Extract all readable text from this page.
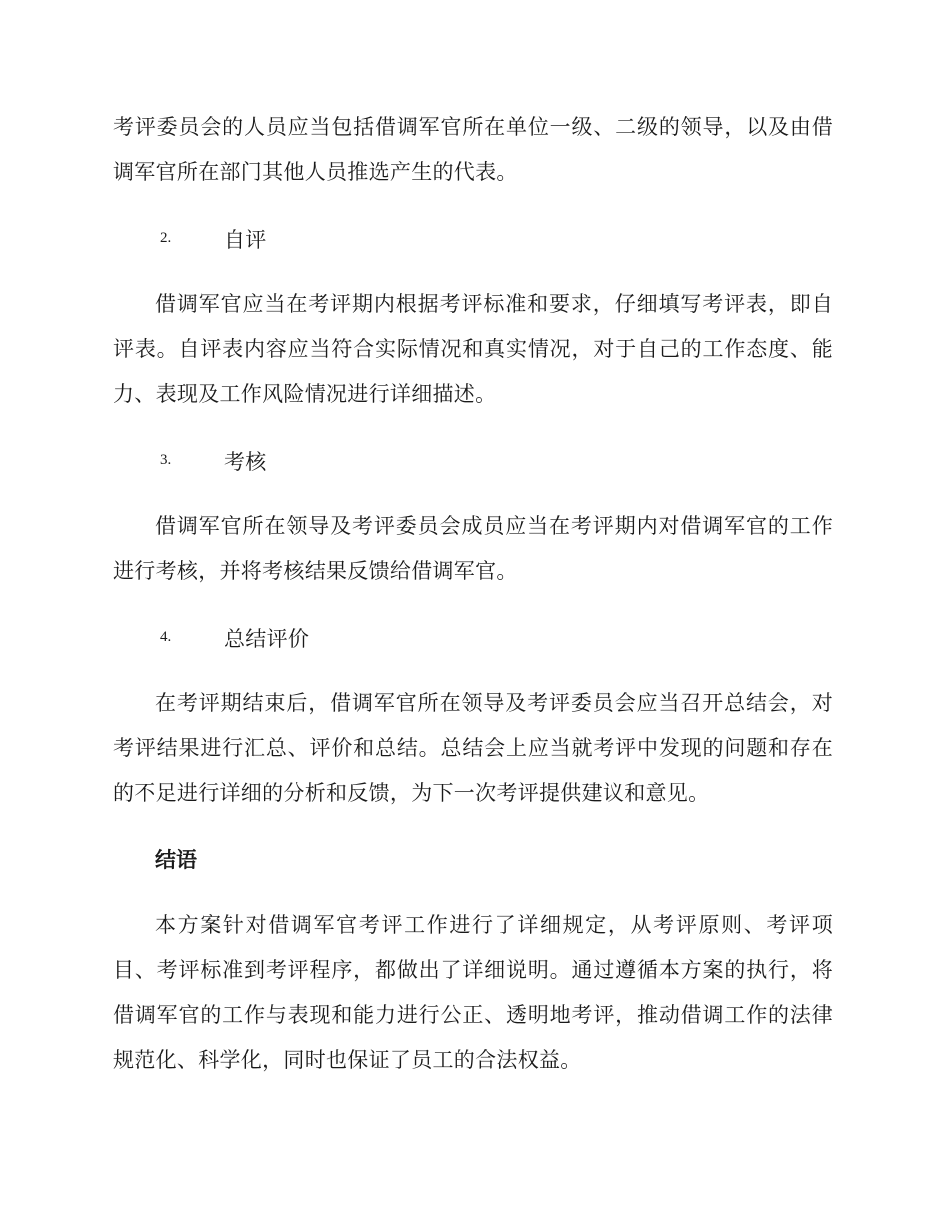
考评委员会的人员应当包括借调军官所在单位一级、二级的领导，以及由借调军官所在部门其他人员推选产生的代表。

2.	自评

借调军官应当在考评期内根据考评标准和要求，仔细填写考评表，即自评表。自评表内容应当符合实际情况和真实情况，对于自己的工作态度、能力、表现及工作风险情况进行详细描述。

3.	考核

借调军官所在领导及考评委员会成员应当在考评期内对借调军官的工作进行考核，并将考核结果反馈给借调军官。

4.	总结评价

在考评期结束后，借调军官所在领导及考评委员会应当召开总结会，对考评结果进行汇总、评价和总结。总结会上应当就考评中发现的问题和存在的不足进行详细的分析和反馈，为下一次考评提供建议和意见。

结语

本方案针对借调军官考评工作进行了详细规定，从考评原则、考评项目、考评标准到考评程序，都做出了详细说明。通过遵循本方案的执行，将借调军官的工作与表现和能力进行公正、透明地考评，推动借调工作的法律规范化、科学化，同时也保证了员工的合法权益。
